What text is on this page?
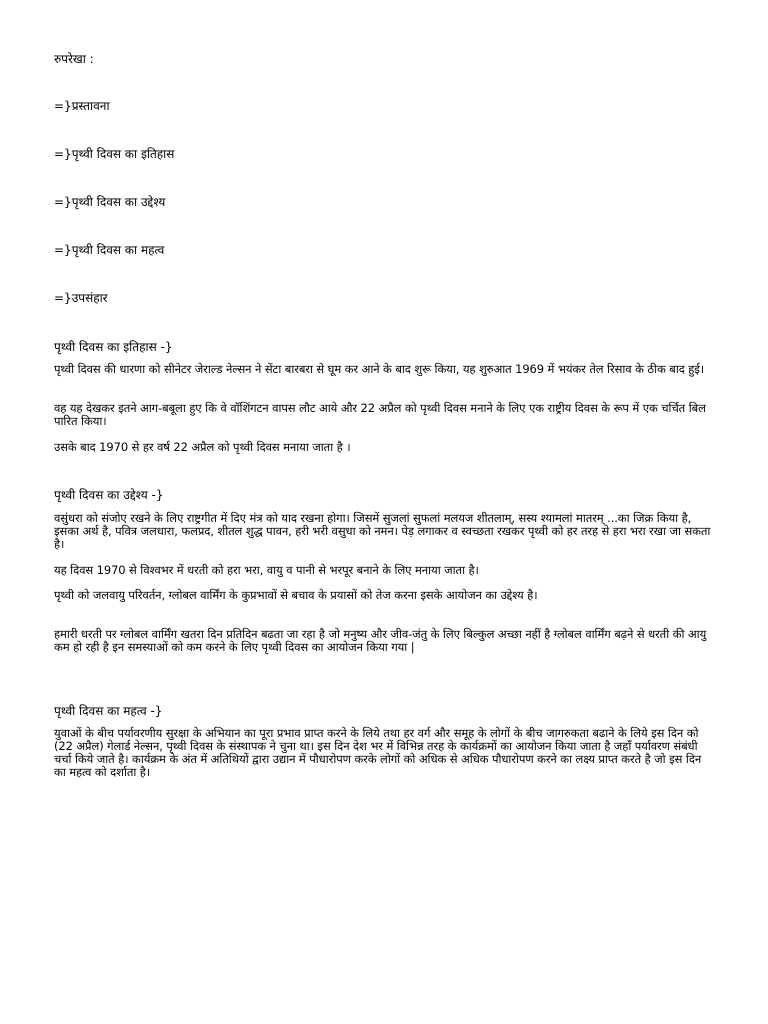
रुपरेखा :

=}प्रस्तावना

=}पृथ्वी दिवस का इतिहास

=}पृथ्वी दिवस का उद्देश्य

=}पृथ्वी दिवस का महत्व

=}उपसंहार

पृथ्वी दिवस का इतिहास -}

पृथ्वी दिवस की धारणा को सीनेटर जेराल्ड नेल्सन ने सेंटा बारबरा से घूम कर आने के बाद शुरू किया, यह शुरुआत 1969 में भयंकर तेल रिसाव के ठीक बाद हुई।

वह यह देखकर इतने आग-बबूला हुए कि वे वॉशिंगटन वापस लौट आये और 22 अप्रैल को पृथ्वी दिवस मनाने के लिए एक राष्ट्रीय दिवस के रूप में एक चर्चित बिल पारित किया।

उसके बाद 1970 से हर वर्ष 22 अप्रैल को पृथ्वी दिवस मनाया जाता है ।

पृथ्वी दिवस का उद्देश्य -}

वसुंधरा को संजोए रखने के लिए राष्ट्रगीत में दिए मंत्र को याद रखना होगा। जिसमें सुजलां सुफलां मलयज शीतलाम्, सस्य श्यामलां मातरम् ...का जिक्र किया है, इसका अर्थ है, पवित्र जलधारा, फलप्रद, शीतल शुद्ध पावन, हरी भरी वसुधा को नमन। पेड़ लगाकर व स्वच्छता रखकर पृथ्वी को हर तरह से हरा भरा रखा जा सकता है।

यह दिवस 1970 से विश्वभर में धरती को हरा भरा, वायु व पानी से भरपूर बनाने के लिए मनाया जाता है।

पृथ्वी को जलवायु परिवर्तन, ग्लोबल वार्मिंग के कुप्रभावों से बचाव के प्रयासों को तेज करना इसके आयोजन का उद्देश्य है।

हमारी धरती पर ग्लोबल वार्मिंग खतरा दिन प्रतिदिन बढता जा रहा है जो मनुष्य और जीव-जंतु के लिए बिल्कुल अच्छा नहीं है ग्लोबल वार्मिंग बढ़ने से धरती की आयु कम हो रही है इन समस्याओं को कम करने के लिए पृथ्वी दिवस का आयोजन किया गया |

पृथ्वी दिवस का महत्व -}

युवाओं के बीच पर्यावरणीय सुरक्षा के अभियान का पूरा प्रभाव प्राप्त करने के लिये तथा हर वर्ग और समूह के लोगों के बीच जागरुकता बढाने के लिये इस दिन को (22 अप्रैल) गेलार्ड नेल्सन, पृथ्वी दिवस के संस्थापक ने चुना था। इस दिन देश भर में विभिन्न तरह के कार्यक्रमों का आयोजन किया जाता है जहाँ पर्यावरण संबंधी चर्चा किये जाते है। कार्यक्रम के अंत में अतिथियों द्वारा उद्यान में पौधारोपण करके लोगों को अधिक से अधिक पौधारोपण करने का लक्ष्य प्राप्त करते है जो इस दिन का महत्व को दर्शाता है।
